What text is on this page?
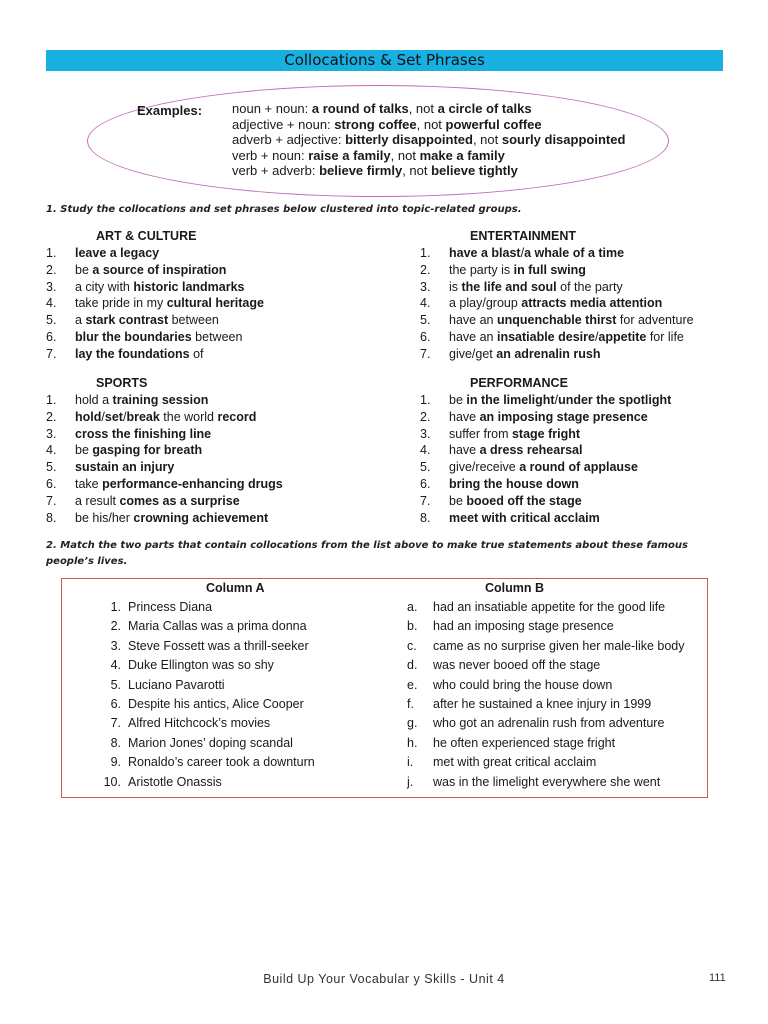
Collocations & Set Phrases
Examples: noun + noun: a round of talks, not a circle of talks
adjective + noun: strong coffee, not powerful coffee
adverb + adjective: bitterly disappointed, not sourly disappointed
verb + noun: raise a family, not make a family
verb + adverb: believe firmly, not believe tightly
1. Study the collocations and set phrases below clustered into topic-related groups.
ART & CULTURE
1. leave a legacy
2. be a source of inspiration
3. a city with historic landmarks
4. take pride in my cultural heritage
5. a stark contrast between
6. blur the boundaries between
7. lay the foundations of
ENTERTAINMENT
1. have a blast/a whale of a time
2. the party is in full swing
3. is the life and soul of the party
4. a play/group attracts media attention
5. have an unquenchable thirst for adventure
6. have an insatiable desire/appetite for life
7. give/get an adrenalin rush
SPORTS
1. hold a training session
2. hold/set/break the world record
3. cross the finishing line
4. be gasping for breath
5. sustain an injury
6. take performance-enhancing drugs
7. a result comes as a surprise
8. be his/her crowning achievement
PERFORMANCE
1. be in the limelight/under the spotlight
2. have an imposing stage presence
3. suffer from stage fright
4. have a dress rehearsal
5. give/receive a round of applause
6. bring the house down
7. be booed off the stage
8. meet with critical acclaim
2. Match the two parts that contain collocations from the list above to make true statements about these famous
people’s lives.
Column A	Column B
1. Princess Diana	a. had an insatiable appetite for the good life
2. Maria Callas was a prima donna	b. had an imposing stage presence
3. Steve Fossett was a thrill-seeker	c. came as no surprise given her male-like body
4. Duke Ellington was so shy	d. was never booed off the stage
5. Luciano Pavarotti	e. who could bring the house down
6. Despite his antics, Alice Cooper	f. after he sustained a knee injury in 1999
7. Alfred Hitchcock’s movies	g. who got an adrenalin rush from adventure
8. Marion Jones’ doping scandal	h. he often experienced stage fright
9. Ronaldo’s career took a downturn	i. met with great critical acclaim
10. Aristotle Onassis	j. was in the limelight everywhere she went
Build Up Your Vocabular y Skills - Unit 4	111
